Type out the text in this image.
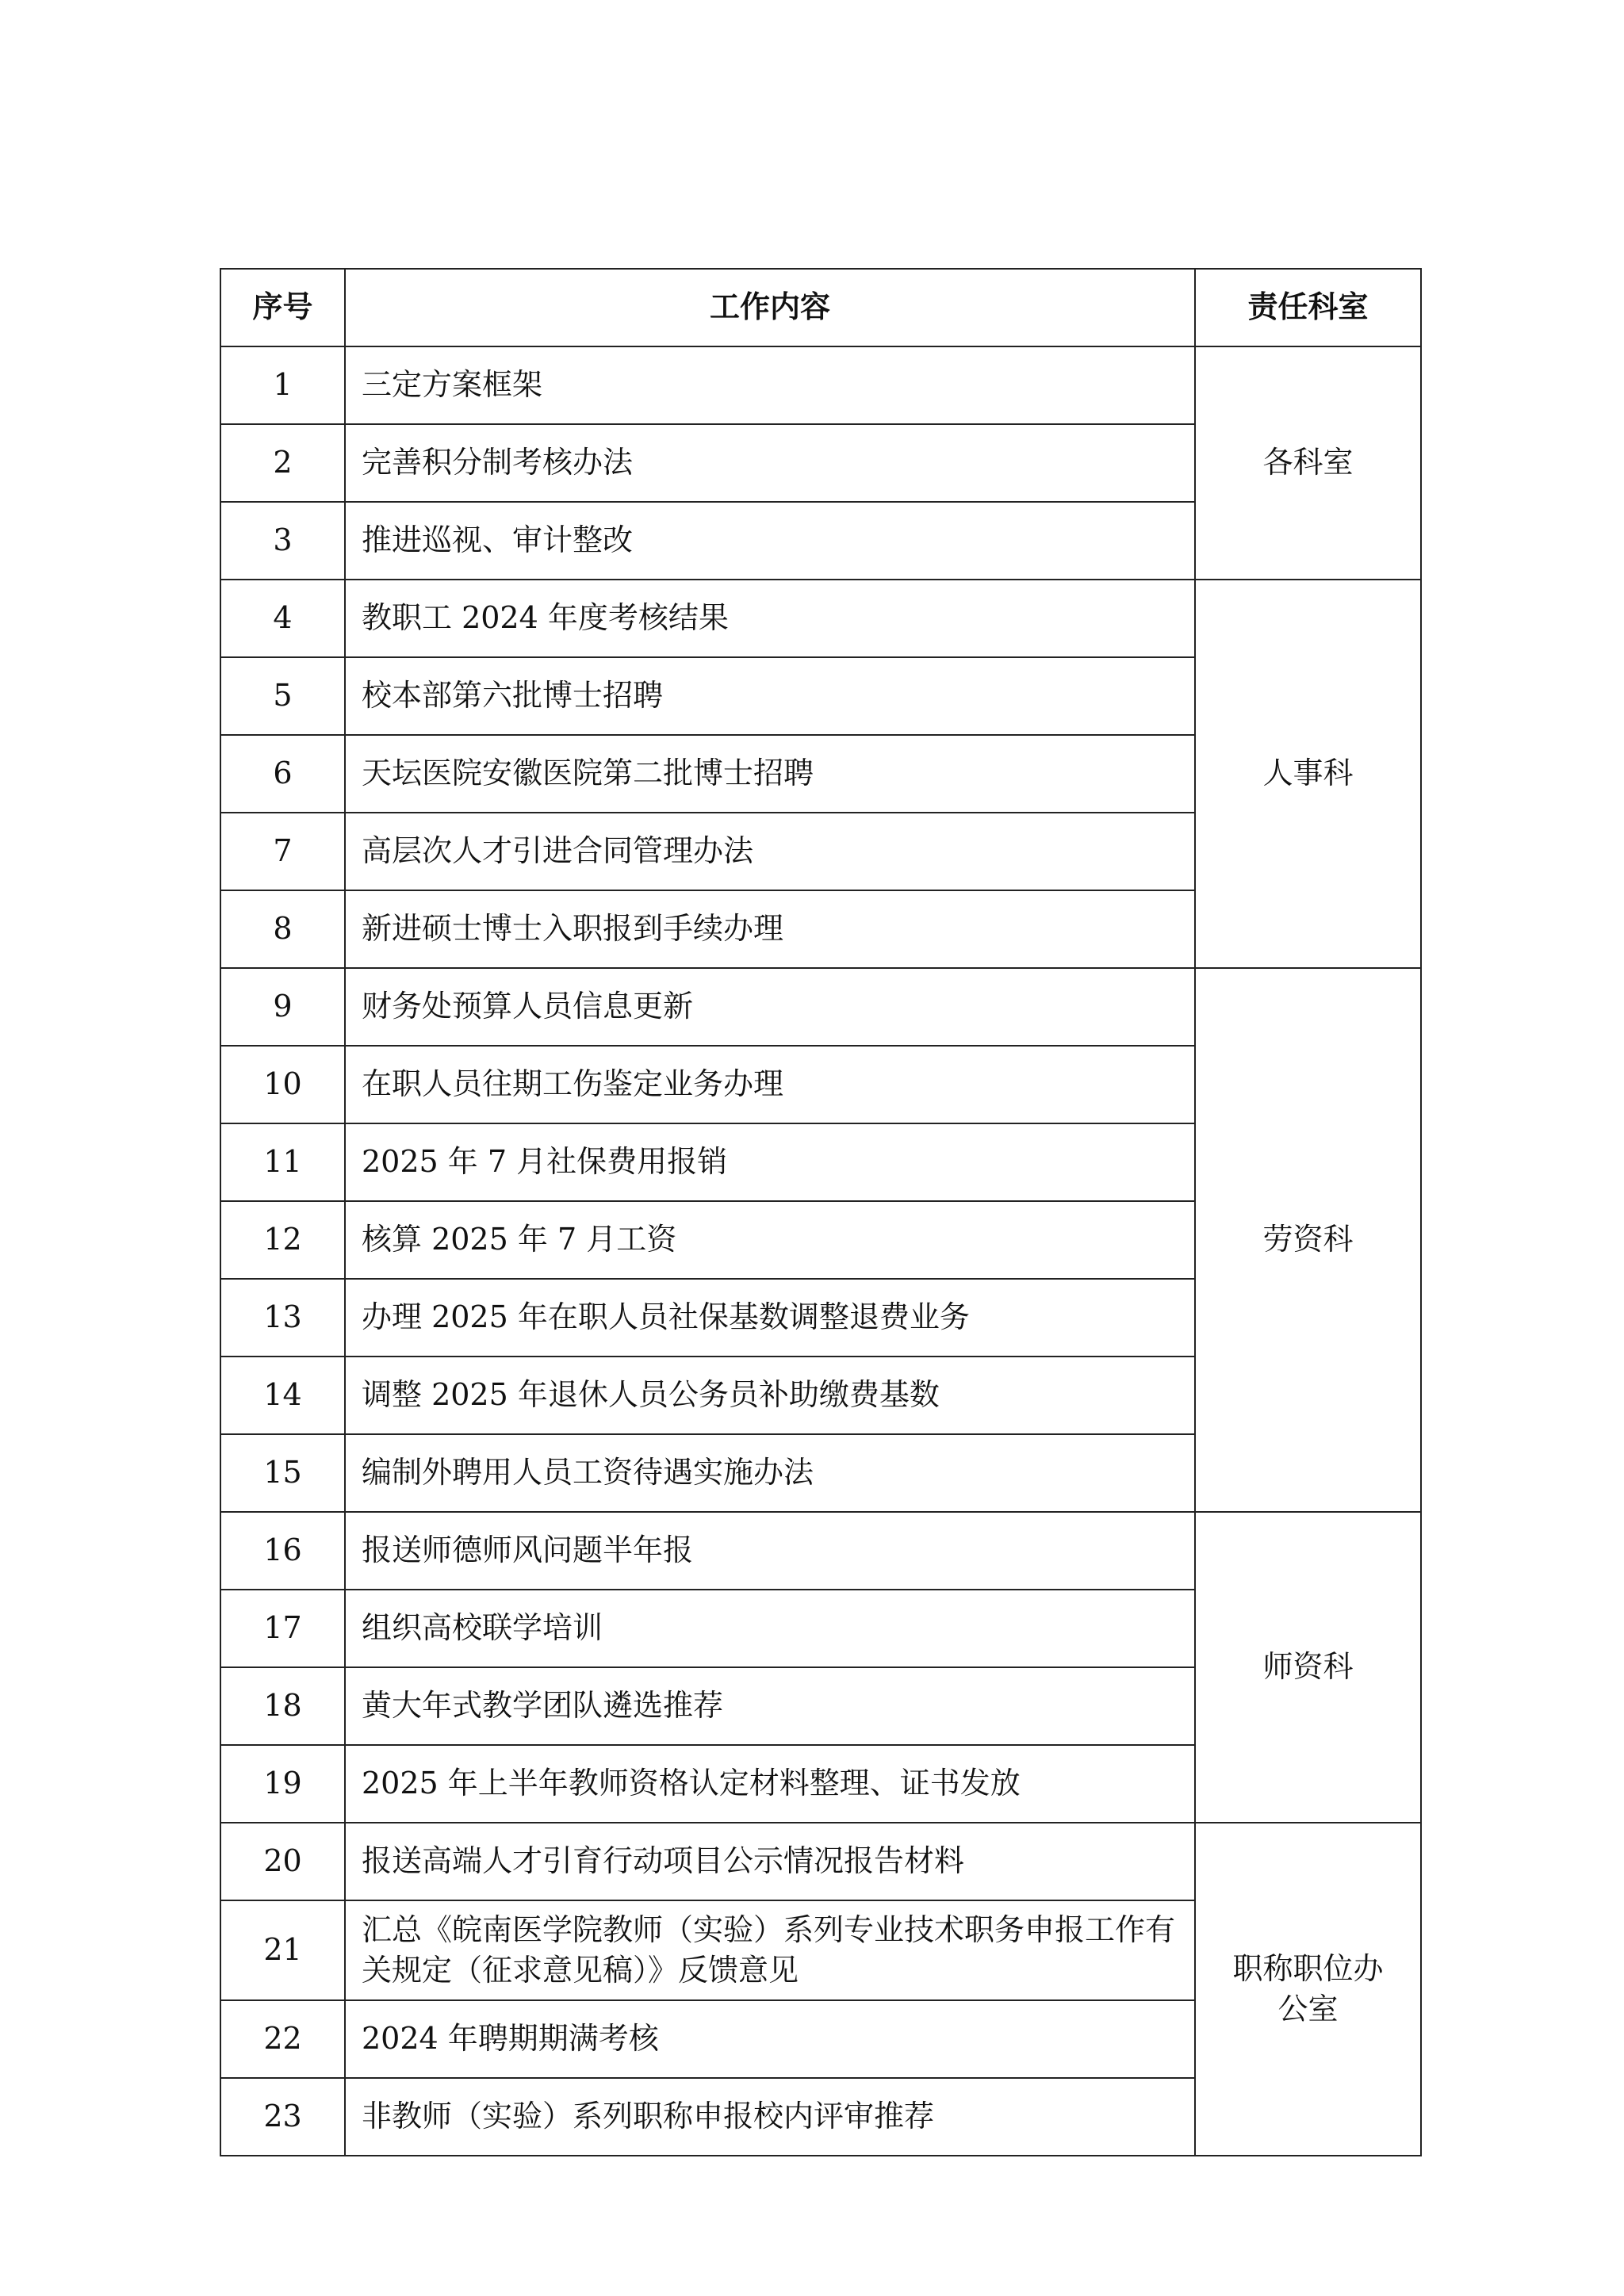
序号	工作内容	责任科室
1	三定方案框架	各科室
2	完善积分制考核办法	
3	推进巡视、审计整改	
4	教职工 2024 年度考核结果	人事科
5	校本部第六批博士招聘	
6	天坛医院安徽医院第二批博士招聘	
7	高层次人才引进合同管理办法	
8	新进硕士博士入职报到手续办理	
9	财务处预算人员信息更新	劳资科
10	在职人员往期工伤鉴定业务办理	
11	2025 年 7 月社保费用报销	
12	核算 2025 年 7 月工资	
13	办理 2025 年在职人员社保基数调整退费业务	
14	调整 2025 年退休人员公务员补助缴费基数	
15	编制外聘用人员工资待遇实施办法	
16	报送师德师风问题半年报	师资科
17	组织高校联学培训	
18	黄大年式教学团队遴选推荐	
19	2025 年上半年教师资格认定材料整理、证书发放	
20	报送高端人才引育行动项目公示情况报告材料	职称职位办公室
21	汇总《皖南医学院教师（实验）系列专业技术职务申报工作有关规定（征求意见稿）》反馈意见	
22	2024 年聘期期满考核	
23	非教师（实验）系列职称申报校内评审推荐	
